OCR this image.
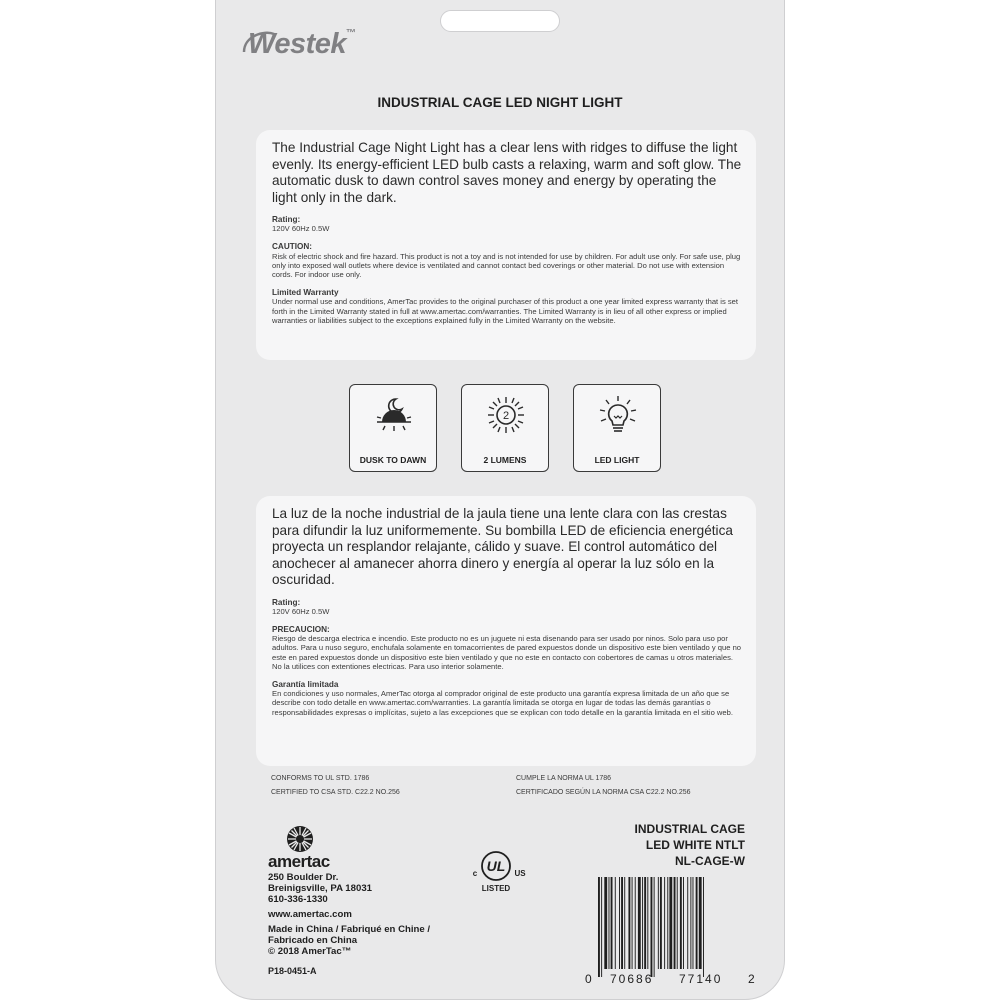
Westek™
INDUSTRIAL CAGE LED NIGHT LIGHT
The Industrial Cage Night Light has a clear lens with ridges to diffuse the light evenly. Its energy-efficient LED bulb casts a relaxing, warm and soft glow. The automatic dusk to dawn control saves money and energy by operating the light only in the dark.
Rating:
120V 60Hz 0.5W
CAUTION:
Risk of electric shock and fire hazard. This product is not a toy and is not intended for use by children. For adult use only. For safe use, plug only into exposed wall outlets where device is ventilated and cannot contact bed coverings or other material. Do not use with extension cords. For indoor use only.
Limited Warranty
Under normal use and conditions, AmerTac provides to the original purchaser of this product a one year limited express warranty that is set forth in the Limited Warranty stated in full at www.amertac.com/warranties. The Limited Warranty is in lieu of all other express or implied warranties or liabilities subject to the exceptions explained fully in the Limited Warranty on the website.
DUSK TO DAWN
2
2 LUMENS	LED LIGHT
La luz de la noche industrial de la jaula tiene una lente clara con las crestas para difundir la luz uniformemente. Su bombilla LED de eficiencia energética proyecta un resplandor relajante, cálido y suave. El control automático del anochecer al amanecer ahorra dinero y energía al operar la luz sólo en la oscuridad.
Rating:
120V 60Hz 0.5W
PRECAUCION:
Riesgo de descarga electrica e incendio. Este producto no es un juguete ni esta disenando para ser usado por ninos. Solo para uso por adultos. Para u nuso seguro, enchufala solamente en tomacorrientes de pared expuestos donde un dispositivo este bien ventilado y que no este en pared expuestos donde un dispositivo este bien ventilado y que no este en contacto con cobertores de camas u otros materiales. No la utilices con extentiones electricas. Para uso interior solamente.
Garantía limitada
En condiciones y uso normales, AmerTac otorga al comprador original de este producto una garantía expresa limitada de un año que se describe con todo detalle en www.amertac.com/warranties. La garantía limitada se otorga en lugar de todas las demás garantías o responsabilidades expresas o implícitas, sujeto a las excepciones que se explican con todo detalle en la garantía limitada en el sitio web.
CONFORMS TO UL STD. 1786
CERTIFIED TO CSA STD. C22.2 NO.256
CUMPLE LA NORMA UL 1786
CERTIFICADO SEGÚN LA NORMA CSA C22.2 NO.256
amertac
250 Boulder Dr.
Breinigsville, PA 18031
610-336-1330
www.amertac.com
Made in China / Fabriqué en Chine /
Fabricado en China
© 2018 AmerTac™
P18-0451-A
UL
c	US
LISTED
INDUSTRIAL CAGE
LED WHITE NTLT
NL-CAGE-W
0 70686 77140 2
